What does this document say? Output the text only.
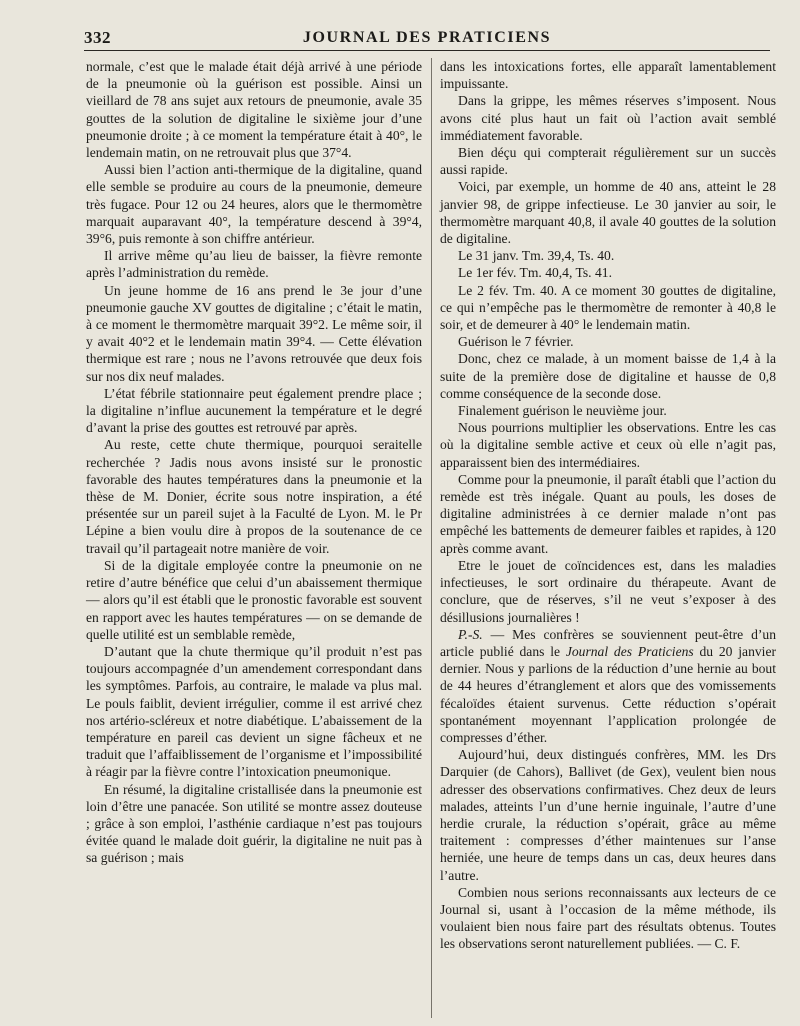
332	JOURNAL DES PRATICIENS

normale, c’est que le malade était déjà arrivé à une période de la pneumonie où la guérison est possible. Ainsi un vieillard de 78 ans sujet aux retours de pneumonie, avale 35 gouttes de la solution de digitaline le sixième jour d’une pneumonie droite ; à ce moment la température était à 40°, le lendemain matin, on ne retrouvait plus que 37°4.

Aussi bien l’action anti-thermique de la digitaline, quand elle semble se produire au cours de la pneumonie, demeure très fugace. Pour 12 ou 24 heures, alors que le thermomètre marquait auparavant 40°, la température descend à 39°4, 39°6, puis remonte à son chiffre antérieur.

Il arrive même qu’au lieu de baisser, la fièvre remonte après l’administration du remède.

Un jeune homme de 16 ans prend le 3e jour d’une pneumonie gauche XV gouttes de digitaline ; c’était le matin, à ce moment le thermomètre marquait 39°2. Le même soir, il y avait 40°2 et le lendemain matin 39°4. — Cette élévation thermique est rare ; nous ne l’avons retrouvée que deux fois sur nos dix neuf malades.

L’état fébrile stationnaire peut également prendre place ; la digitaline n’influe aucunement la température et le degré d’avant la prise des gouttes est retrouvé par après.

Au reste, cette chute thermique, pourquoi seraitelle recherchée ? Jadis nous avons insisté sur le pronostic favorable des hautes températures dans la pneumonie et la thèse de M. Donier, écrite sous notre inspiration, a été présentée sur un pareil sujet à la Faculté de Lyon. M. le Pr Lépine a bien voulu dire à propos de la soutenance de ce travail qu’il partageait notre manière de voir.

Si de la digitale employée contre la pneumonie on ne retire d’autre bénéfice que celui d’un abaissement thermique — alors qu’il est établi que le pronostic favorable est souvent en rapport avec les hautes températures — on se demande de quelle utilité est un semblable remède,

D’autant que la chute thermique qu’il produit n’est pas toujours accompagnée d’un amendement correspondant dans les symptômes. Parfois, au contraire, le malade va plus mal. Le pouls faiblit, devient irrégulier, comme il est arrivé chez nos artério-scléreux et notre diabétique. L’abaissement de la température en pareil cas devient un signe fâcheux et ne traduit que l’affaiblissement de l’organisme et l’impossibilité à réagir par la fièvre contre l’intoxication pneumonique.

En résumé, la digitaline cristallisée dans la pneumonie est loin d’être une panacée. Son utilité se montre assez douteuse ; grâce à son emploi, l’asthénie cardiaque n’est pas toujours évitée quand le malade doit guérir, la digitaline ne nuit pas à sa guérison ; mais

dans les intoxications fortes, elle apparaît lamentablement impuissante.

Dans la grippe, les mêmes réserves s’imposent. Nous avons cité plus haut un fait où l’action avait semblé immédiatement favorable.

Bien déçu qui compterait régulièrement sur un succès aussi rapide.

Voici, par exemple, un homme de 40 ans, atteint le 28 janvier 98, de grippe infectieuse. Le 30 janvier au soir, le thermomètre marquant 40,8, il avale 40 gouttes de la solution de digitaline.

Le 31 janv. Tm. 39,4, Ts. 40.

Le 1er fév. Tm. 40,4, Ts. 41.

Le 2 fév. Tm. 40. A ce moment 30 gouttes de digitaline, ce qui n’empêche pas le thermomètre de remonter à 40,8 le soir, et de demeurer à 40° le lendemain matin.

Guérison le 7 février.

Donc, chez ce malade, à un moment baisse de 1,4 à la suite de la première dose de digitaline et hausse de 0,8 comme conséquence de la seconde dose.

Finalement guérison le neuvième jour.

Nous pourrions multiplier les observations. Entre les cas où la digitaline semble active et ceux où elle n’agit pas, apparaissent bien des intermédiaires.

Comme pour la pneumonie, il paraît établi que l’action du remède est très inégale. Quant au pouls, les doses de digitaline administrées à ce dernier malade n’ont pas empêché les battements de demeurer faibles et rapides, à 120 après comme avant.

Etre le jouet de coïncidences est, dans les maladies infectieuses, le sort ordinaire du thérapeute. Avant de conclure, que de réserves, s’il ne veut s’exposer à des désillusions journalières !

P.-S. — Mes confrères se souviennent peut-être d’un article publié dans le Journal des Praticiens du 20 janvier dernier. Nous y parlions de la réduction d’une hernie au bout de 44 heures d’étranglement et alors que des vomissements fécaloïdes étaient survenus. Cette réduction s’opérait spontanément moyennant l’application prolongée de compresses d’éther.

Aujourd’hui, deux distingués confrères, MM. les Drs Darquier (de Cahors), Ballivet (de Gex), veulent bien nous adresser des observations confirmatives. Chez deux de leurs malades, atteints l’un d’une hernie inguinale, l’autre d’une herdie crurale, la réduction s’opérait, grâce au même traitement : compresses d’éther maintenues sur l’anse herniée, une heure de temps dans un cas, deux heures dans l’autre.

Combien nous serions reconnaissants aux lecteurs de ce Journal si, usant à l’occasion de la même méthode, ils voulaient bien nous faire part des résultats obtenus. Toutes les observations seront naturellement publiées. — C. F.
